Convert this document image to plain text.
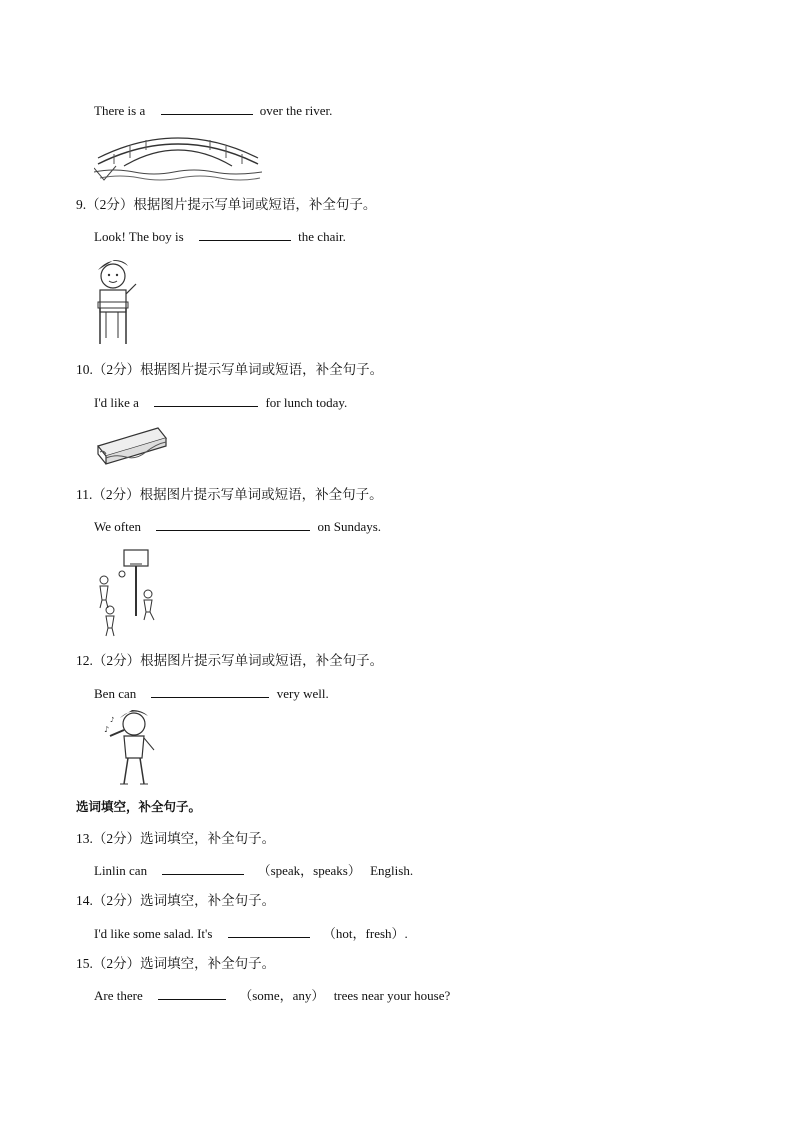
There is a	over the river.
9.（2分）根据图片提示写单词或短语，补全句子。
Look! The boy is	the chair.
10.（2分）根据图片提示写单词或短语，补全句子。
I'd like a	for lunch today.
11.（2分）根据图片提示写单词或短语，补全句子。
We often	on Sundays.
12.（2分）根据图片提示写单词或短语，补全句子。
Ben can	very well.
♪
♪
选词填空，补全句子。
13.（2分）选词填空，补全句子。
Linlin can	（speak，speaks） English.
14.（2分）选词填空，补全句子。
I'd like some salad. It's	（hot，fresh）.
15.（2分）选词填空，补全句子。
Are there	（some，any） trees near your house?
